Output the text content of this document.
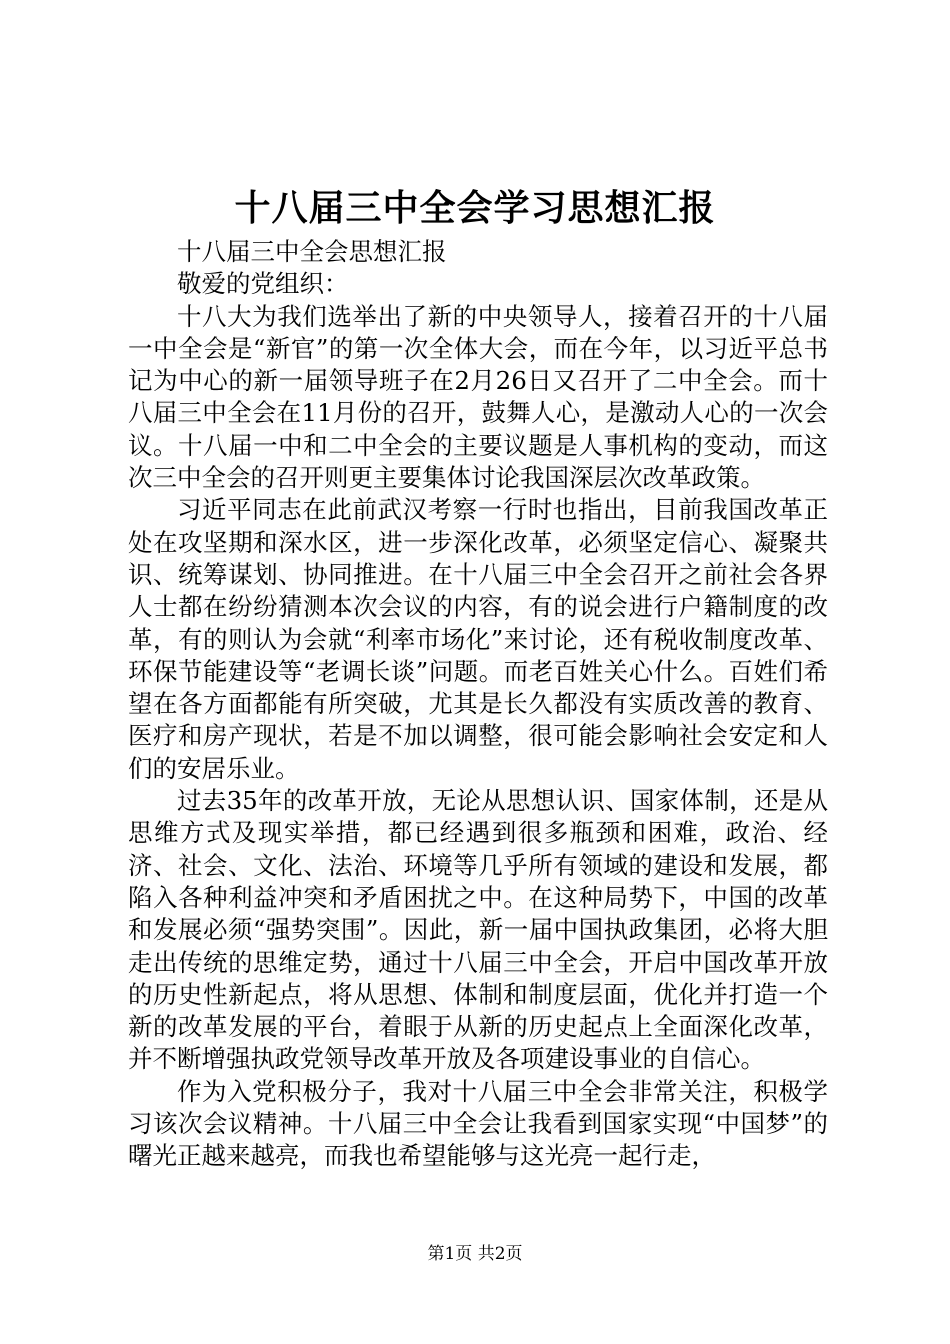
十八届三中全会学习思想汇报

十八届三中全会思想汇报

敬爱的党组织：

十八大为我们选举出了新的中央领导人，接着召开的十八届一中全会是“新官”的第一次全体大会，而在今年，以习近平总书记为中心的新一届领导班子在2月26日又召开了二中全会。而十八届三中全会在11月份的召开，鼓舞人心，是激动人心的一次会议。十八届一中和二中全会的主要议题是人事机构的变动，而这次三中全会的召开则更主要集体讨论我国深层次改革政策。

习近平同志在此前武汉考察一行时也指出，目前我国改革正处在攻坚期和深水区，进一步深化改革，必须坚定信心、凝聚共识、统筹谋划、协同推进。在十八届三中全会召开之前社会各界人士都在纷纷猜测本次会议的内容，有的说会进行户籍制度的改革，有的则认为会就“利率市场化”来讨论，还有税收制度改革、环保节能建设等“老调长谈”问题。而老百姓关心什么。百姓们希望在各方面都能有所突破，尤其是长久都没有实质改善的教育、医疗和房产现状，若是不加以调整，很可能会影响社会安定和人们的安居乐业。

过去35年的改革开放，无论从思想认识、国家体制，还是从思维方式及现实举措，都已经遇到很多瓶颈和困难，政治、经济、社会、文化、法治、环境等几乎所有领域的建设和发展，都陷入各种利益冲突和矛盾困扰之中。在这种局势下，中国的改革和发展必须“强势突围”。因此，新一届中国执政集团，必将大胆走出传统的思维定势，通过十八届三中全会，开启中国改革开放的历史性新起点，将从思想、体制和制度层面，优化并打造一个新的改革发展的平台，着眼于从新的历史起点上全面深化改革，并不断增强执政党领导改革开放及各项建设事业的自信心。

作为入党积极分子，我对十八届三中全会非常关注，积极学习该次会议精神。十八届三中全会让我看到国家实现“中国梦”的曙光正越来越亮，而我也希望能够与这光亮一起行走，

第1页 共2页
